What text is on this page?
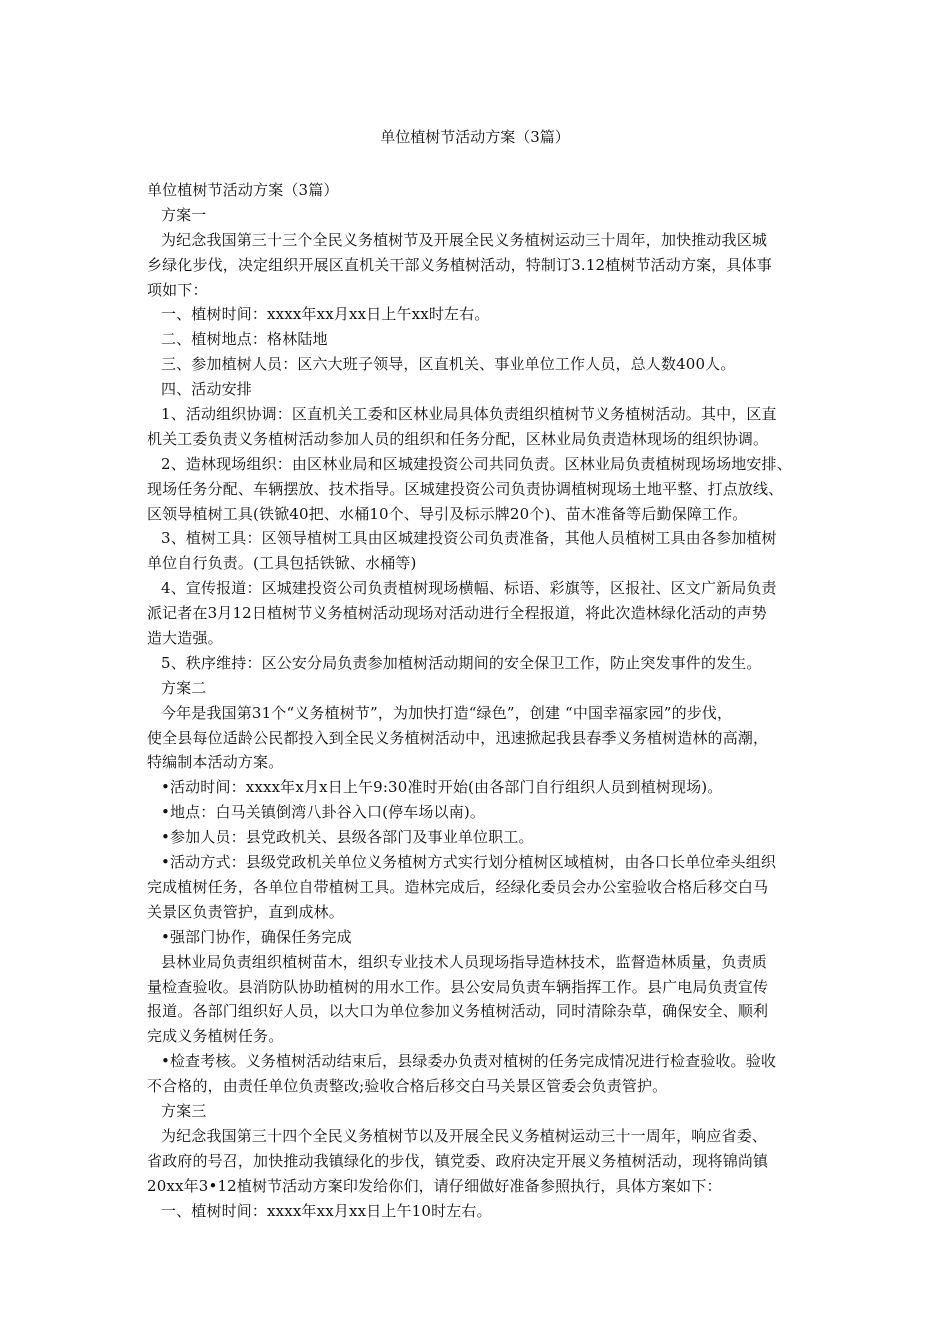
单位植树节活动方案（3篇）
单位植树节活动方案（3篇）
方案一
为纪念我国第三十三个全民义务植树节及开展全民义务植树运动三十周年，加快推动我区城
乡绿化步伐，决定组织开展区直机关干部义务植树活动，特制订3.12植树节活动方案，具体事
项如下：
一、植树时间：xxxx年xx月xx日上午xx时左右。
二、植树地点：格林陆地
三、参加植树人员：区六大班子领导，区直机关、事业单位工作人员，总人数400人。
四、活动安排
1、活动组织协调：区直机关工委和区林业局具体负责组织植树节义务植树活动。其中，区直
机关工委负责义务植树活动参加人员的组织和任务分配，区林业局负责造林现场的组织协调。
2、造林现场组织：由区林业局和区城建投资公司共同负责。区林业局负责植树现场场地安排、
现场任务分配、车辆摆放、技术指导。区城建投资公司负责协调植树现场土地平整、打点放线、
区领导植树工具(铁锨40把、水桶10个、导引及标示牌20个)、苗木准备等后勤保障工作。
3、植树工具：区领导植树工具由区城建投资公司负责准备，其他人员植树工具由各参加植树
单位自行负责。(工具包括铁锨、水桶等)
4、宣传报道：区城建投资公司负责植树现场横幅、标语、彩旗等，区报社、区文广新局负责
派记者在3月12日植树节义务植树活动现场对活动进行全程报道，将此次造林绿化活动的声势
造大造强。
5、秩序维持：区公安分局负责参加植树活动期间的安全保卫工作，防止突发事件的发生。
方案二
今年是我国第31个“义务植树节”，为加快打造“绿色”，创建 “中国幸福家园”的步伐，
使全县每位适龄公民都投入到全民义务植树活动中，迅速掀起我县春季义务植树造林的高潮，
特编制本活动方案。
•活动时间：xxxx年x月x日上午9:30准时开始(由各部门自行组织人员到植树现场)。
•地点：白马关镇倒湾八卦谷入口(停车场以南)。
•参加人员：县党政机关、县级各部门及事业单位职工。
•活动方式：县级党政机关单位义务植树方式实行划分植树区域植树，由各口长单位牵头组织
完成植树任务，各单位自带植树工具。造林完成后，经绿化委员会办公室验收合格后移交白马
关景区负责管护，直到成林。
•强部门协作，确保任务完成
县林业局负责组织植树苗木，组织专业技术人员现场指导造林技术，监督造林质量，负责质
量检查验收。县消防队协助植树的用水工作。县公安局负责车辆指挥工作。县广电局负责宣传
报道。各部门组织好人员，以大口为单位参加义务植树活动，同时清除杂草，确保安全、顺利
完成义务植树任务。
•检查考核。义务植树活动结束后，县绿委办负责对植树的任务完成情况进行检查验收。验收
不合格的，由责任单位负责整改;验收合格后移交白马关景区管委会负责管护。
方案三
为纪念我国第三十四个全民义务植树节以及开展全民义务植树运动三十一周年，响应省委、
省政府的号召，加快推动我镇绿化的步伐，镇党委、政府决定开展义务植树活动，现将锦尚镇
20xx年3•12植树节活动方案印发给你们，请仔细做好准备参照执行，具体方案如下：
一、植树时间：xxxx年xx月xx日上午10时左右。
